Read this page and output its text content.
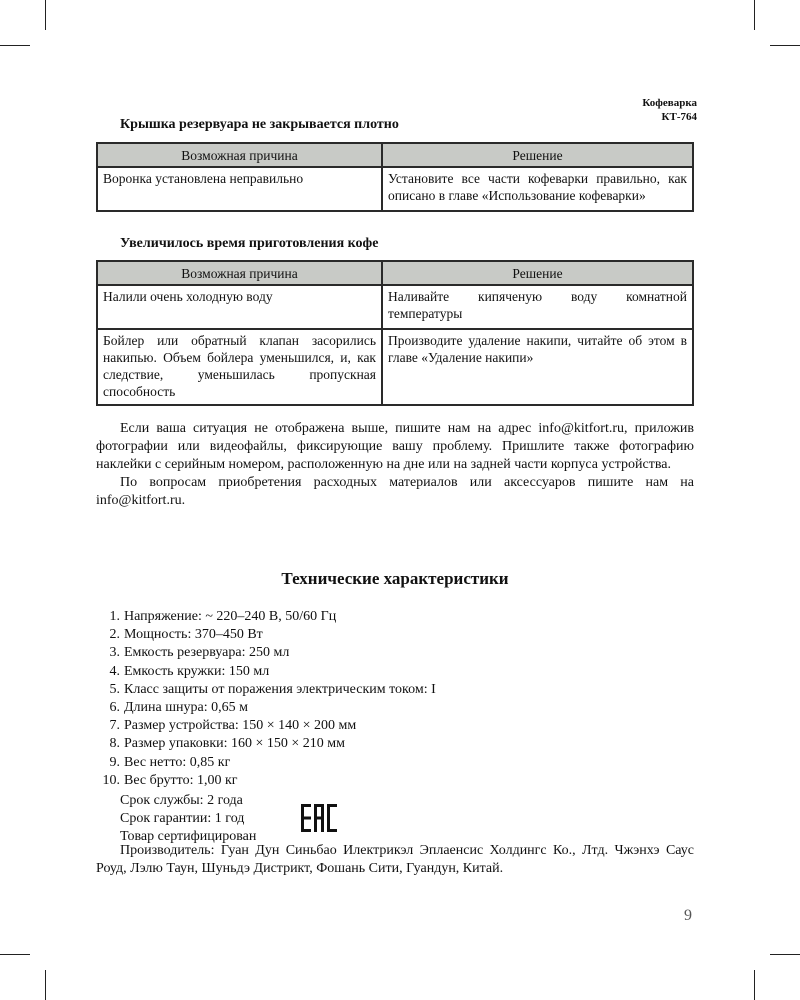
Кофеварка
КТ-764
Крышка резервуара не закрывается плотно
Возможная причина	Решение
Воронка установлена неправильно	Установите все части кофеварки правильно, как описано в главе «Использование кофеварки»
Увеличилось время приготовления кофе
Возможная причина	Решение
Налили очень холодную воду	Наливайте кипяченую воду комнатной температуры
Бойлер или обратный клапан засорились накипью. Объем бойлера уменьшился, и, как следствие, уменьшилась пропускная способность	Производите удаление накипи, читайте об этом в главе «Удаление накипи»

Если ваша ситуация не отображена выше, пишите нам на адрес info@kitfort.ru, приложив фотографии или видеофайлы, фиксирующие вашу проблему. Пришлите также фотографию наклейки с серийным номером, расположенную на дне или на задней части корпуса устройства.

По вопросам приобретения расходных материалов или аксессуаров пишите нам на info@kitfort.ru.

Технические характеристики
1. Напряжение: ~ 220–240 В, 50/60 Гц
2. Мощность: 370–450 Вт
3. Емкость резервуара: 250 мл
4. Емкость кружки: 150 мл
5. Класс защиты от поражения электрическим током: I
6. Длина шнура: 0,65 м
7. Размер устройства: 150 × 140 × 200 мм
8. Размер упаковки: 160 × 150 × 210 мм
9. Вес нетто: 0,85 кг
10. Вес брутто: 1,00 кг
Срок службы: 2 года
Срок гарантии: 1 год
Товар сертифицирован

Производитель: Гуан Дун Синьбао Илектрикэл Эплаенсис Холдингс Ко., Лтд. Чжэнхэ Саус Роуд, Лэлю Таун, Шуньдэ Дистрикт, Фошань Сити, Гуандун, Китай.

9
